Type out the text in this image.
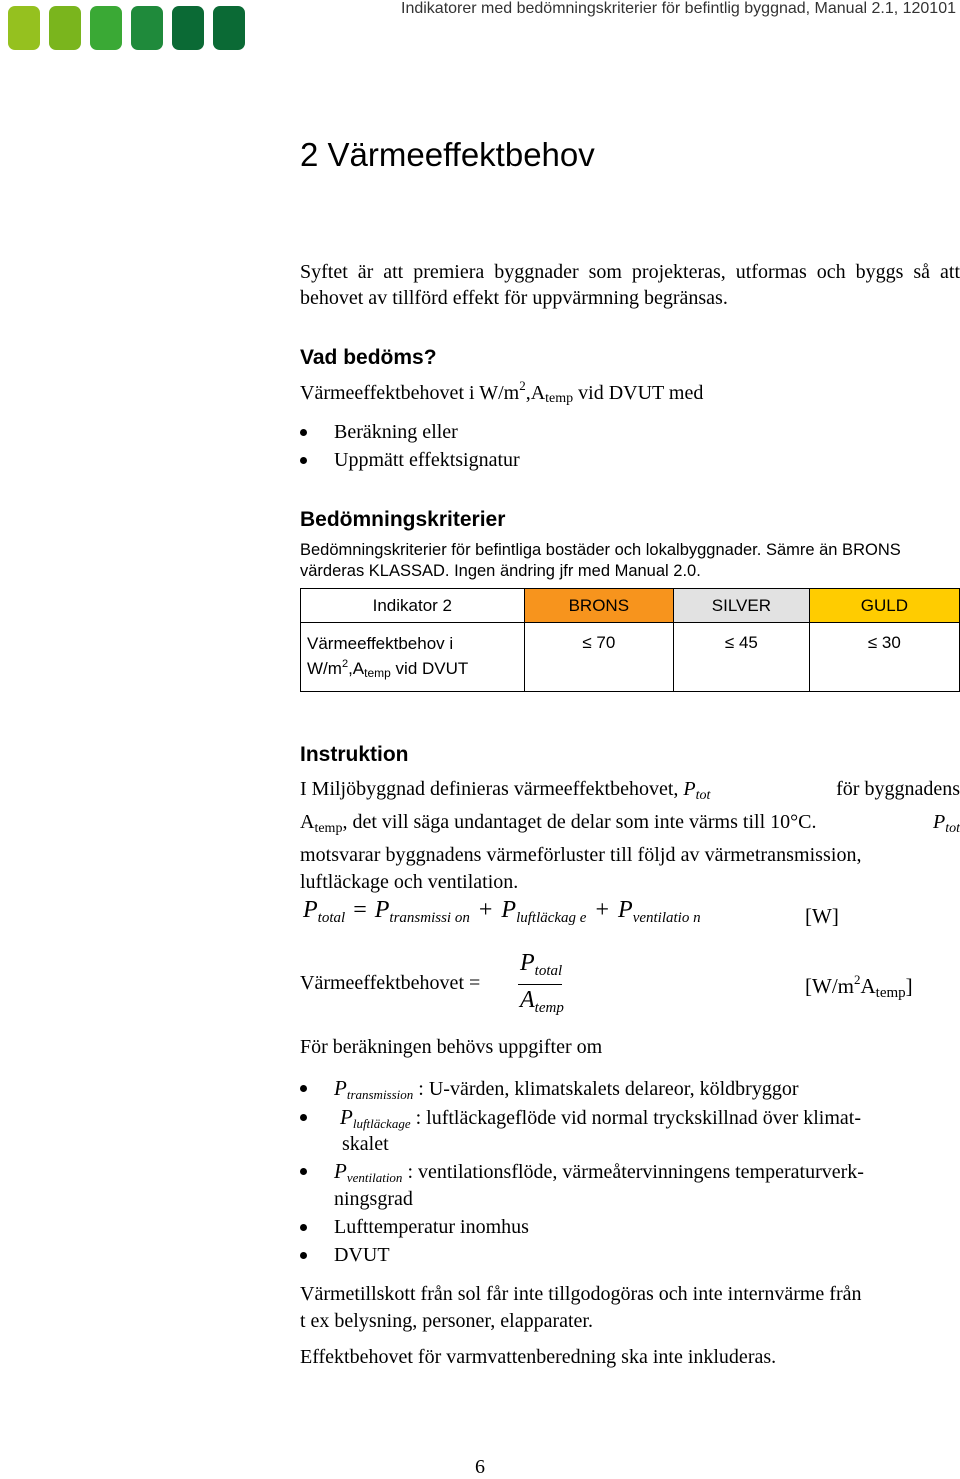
Indikatorer med bedömningskriterier för befintlig byggnad, Manual 2.1, 120101
2 Värmeeffektbehov
Syftet är att premiera byggnader som projekteras, utformas och byggs så att behovet av tillförd effekt för uppvärmning begränsas.
Vad bedöms?
Värmeeffektbehovet i $W/m^2,Atemp$ vid DVUT med
Beräkning eller
Uppmätt effektsignatur
Bedömningskriterier
Bedömningskriterier för befintliga bostäder och lokalbyggnader. Sämre än BRONS värderas KLASSAD. Ingen ändring jfr med Manual 2.0.
Indikator 2	BRONS	SILVER	GULD

Värmeeffektbehov i
$W/m^2,Atemp$ vid DVUT	≤ 70	≤ 45	≤ 30
Instruktion
I Miljöbyggnad definieras värmeeffektbehovet, $P_{tot}$	för byggnadens
$A_{temp}$, det vill säga undantaget de delar som inte värms till 10°C.	$P_{tot}$
motsvarar byggnadens värmeförluster till följd av värmetransmission,
luftläckage och ventilation.
$P_{total} = P_{transmissi on} + P_{luftläckag e} + P_{ventilatio n}$	[W]
Värmeeffektbehovet =
$P_{total}$
$A_{temp}$
$[W/m^2Atemp]$
För beräkningen behövs uppgifter om
$P_{transmission}$ : U-värden, klimatskalets delareor, köldbryggor
$P_{luftläckage}$ : luftläckageflöde vid normal tryckskillnad över klimat-
skalet
$P_{ventilation}$ : ventilationsflöde, värmeåtervinningens temperaturverk-
ningsgrad
Lufttemperatur inomhus
DVUT
Värmetillskott från sol får inte tillgodogöras och inte internvärme från
t ex belysning, personer, elapparater.
Effektbehovet för varmvattenberedning ska inte inkluderas.
6
